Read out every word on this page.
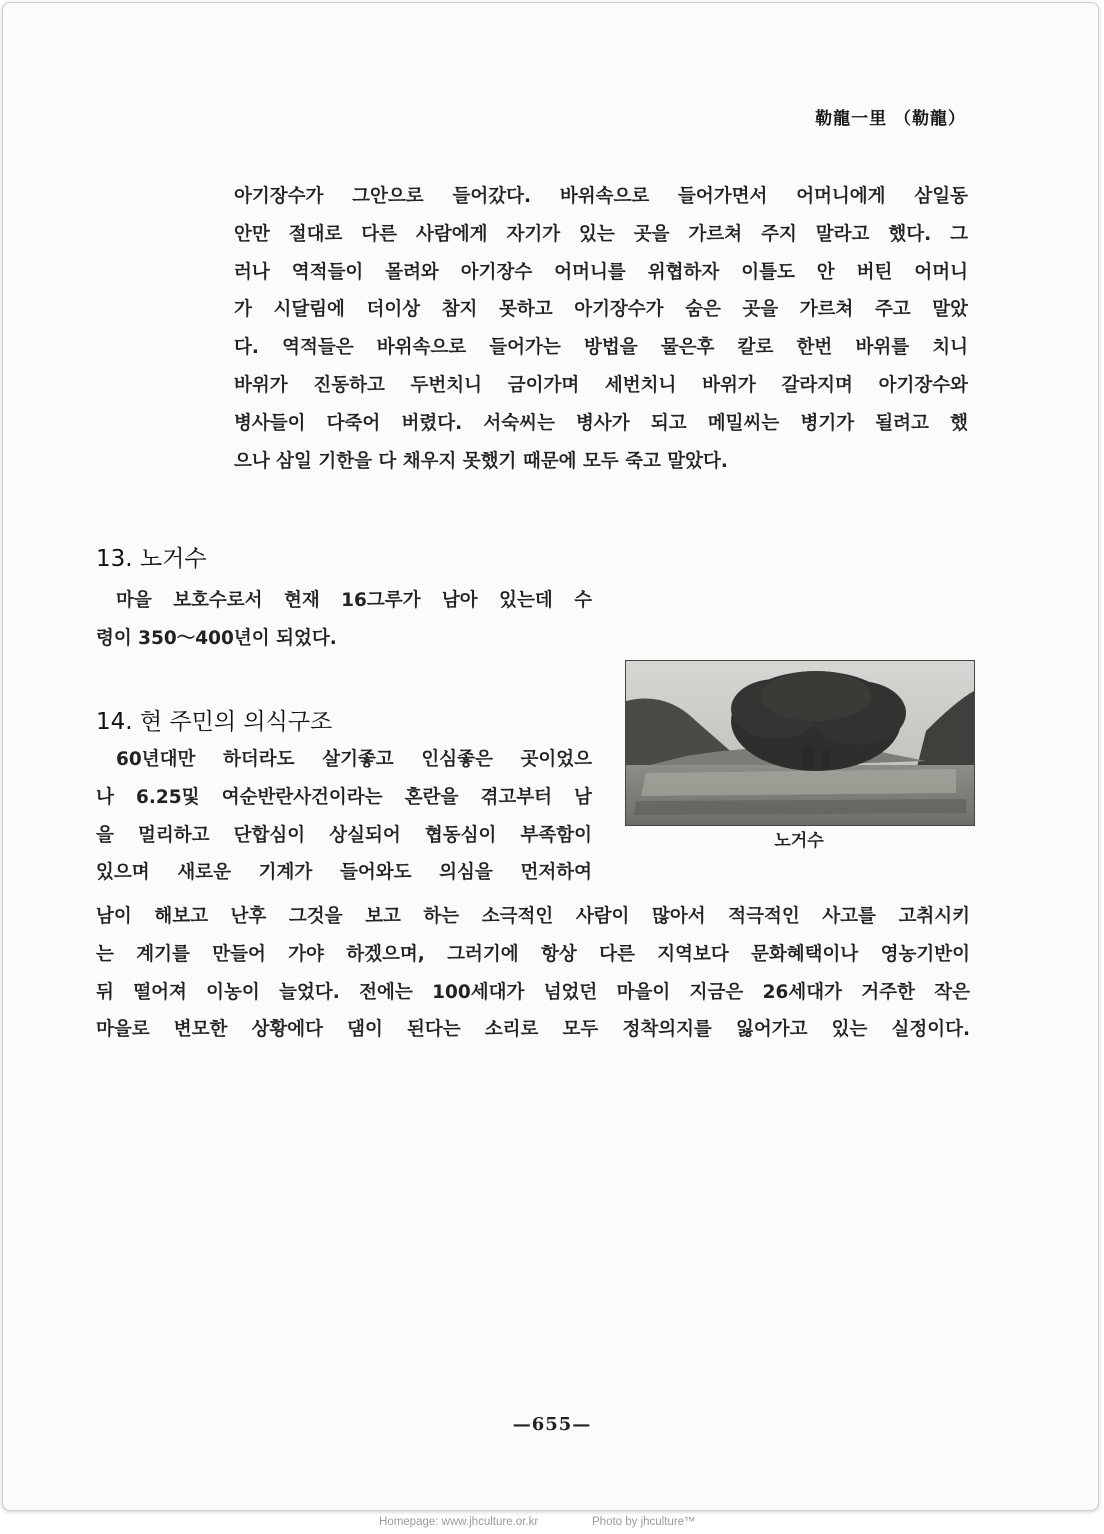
勒龍一里 （勒龍）
아기장수가 그안으로 들어갔다. 바위속으로 들어가면서 어머니에게 삼일동
안만 절대로 다른 사람에게 자기가 있는 곳을 가르쳐 주지 말라고 했다. 그
러나 역적들이 몰려와 아기장수 어머니를 위협하자 이틀도 안 버틴 어머니
가 시달림에 더이상 참지 못하고 아기장수가 숨은 곳을 가르쳐 주고 말았
다. 역적들은 바위속으로 들어가는 방법을 물은후 칼로 한번 바위를 치니
바위가 진동하고 두번치니 금이가며 세번치니 바위가 갈라지며 아기장수와
병사들이 다죽어 버렸다. 서숙씨는 병사가 되고 메밀씨는 병기가 될려고 했
으나 삼일 기한을 다 채우지 못했기 때문에 모두 죽고 말았다.
13. 노거수
마을 보호수로서 현재 16그루가 남아 있는데 수
령이 350～400년이 되었다.
노거수
14. 현 주민의 의식구조
60년대만 하더라도 살기좋고 인심좋은 곳이었으
나 6.25및 여순반란사건이라는 혼란을 겪고부터 남
을 멀리하고 단합심이 상실되어 협동심이 부족함이
있으며 새로운 기계가 들어와도 의심을 먼저하여
남이 해보고 난후 그것을 보고 하는 소극적인 사람이 많아서 적극적인 사고를 고취시키
는 계기를 만들어 가야 하겠으며, 그러기에 항상 다른 지역보다 문화혜택이나 영농기반이
뒤 떨어져 이농이 늘었다. 전에는 100세대가 넘었던 마을이 지금은 26세대가 거주한 작은
마을로 변모한 상황에다 댐이 된다는 소리로 모두 정착의지를 잃어가고 있는 실정이다.
—655—
Homepage: www.jhculture.or.kr	Photo by jhculture™
